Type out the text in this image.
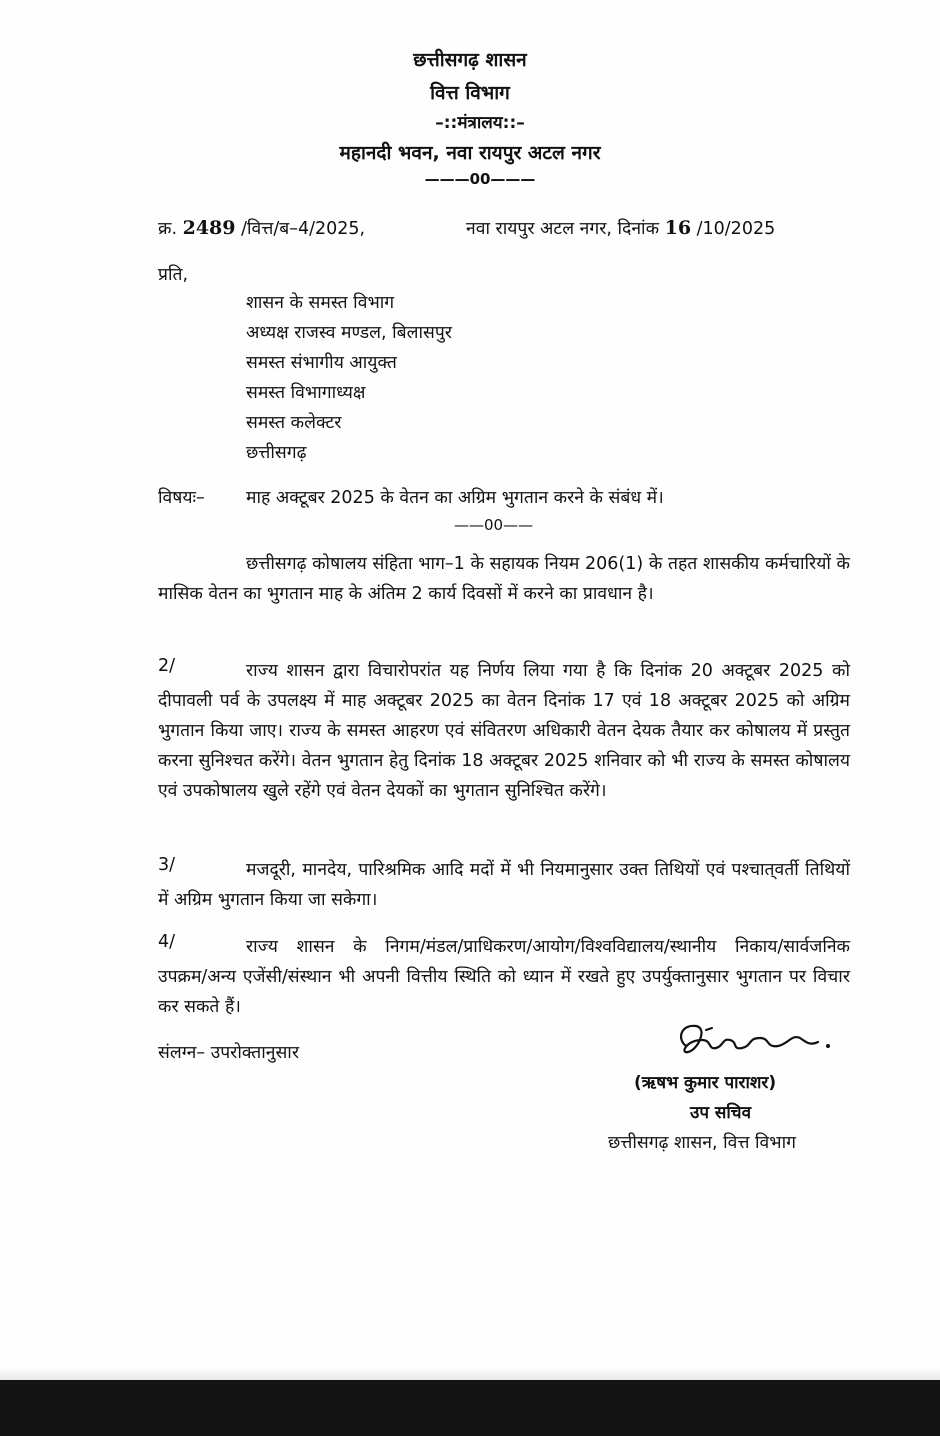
छत्तीसगढ़ शासन
वित्त विभाग
–::मंत्रालय::–
महानदी भवन, नवा रायपुर अटल नगर
———00———
क्र. 2489 /वित्त/ब–4/2025,	नवा रायपुर अटल नगर, दिनांक 16 /10/2025
प्रति,
शासन के समस्त विभाग
अध्यक्ष राजस्व मण्डल, बिलासपुर
समस्त संभागीय आयुक्त
समस्त विभागाध्यक्ष
समस्त कलेक्टर
छत्तीसगढ़
विषयः– माह अक्टूबर 2025 के वेतन का अग्रिम भुगतान करने के संबंध में।
——00——
छत्तीसगढ़ कोषालय संहिता भाग–1 के सहायक नियम 206(1) के तहत शासकीय कर्मचारियों के मासिक वेतन का भुगतान माह के अंतिम 2 कार्य दिवसों में करने का प्रावधान है।
2/	राज्य शासन द्वारा विचारोपरांत यह निर्णय लिया गया है कि दिनांक 20 अक्टूबर 2025 को दीपावली पर्व के उपलक्ष्य में माह अक्टूबर 2025 का वेतन दिनांक 17 एवं 18 अक्टूबर 2025 को अग्रिम भुगतान किया जाए। राज्य के समस्त आहरण एवं संवितरण अधिकारी वेतन देयक तैयार कर कोषालय में प्रस्तुत करना सुनिश्चत करेंगे। वेतन भुगतान हेतु दिनांक 18 अक्टूबर 2025 शनिवार को भी राज्य के समस्त कोषालय एवं उपकोषालय खुले रहेंगे एवं वेतन देयकों का भुगतान सुनिश्चित करेंगे।
3/	मजदूरी, मानदेय, पारिश्रमिक आदि मदों में भी नियमानुसार उक्त तिथियों एवं पश्चात्‌वर्ती तिथियों में अग्रिम भुगतान किया जा सकेगा।
4/	राज्य शासन के निगम/मंडल/प्राधिकरण/आयोग/विश्वविद्यालय/स्थानीय निकाय/सार्वजनिक उपक्रम/अन्य एजेंसी/संस्थान भी अपनी वित्तीय स्थिति को ध्यान में रखते हुए उपर्युक्तानुसार भुगतान पर विचार कर सकते हैं।
संलग्न– उपरोक्तानुसार
(ऋषभ कुमार पाराशर)
उप सचिव
छत्तीसगढ़ शासन, वित्त विभाग
